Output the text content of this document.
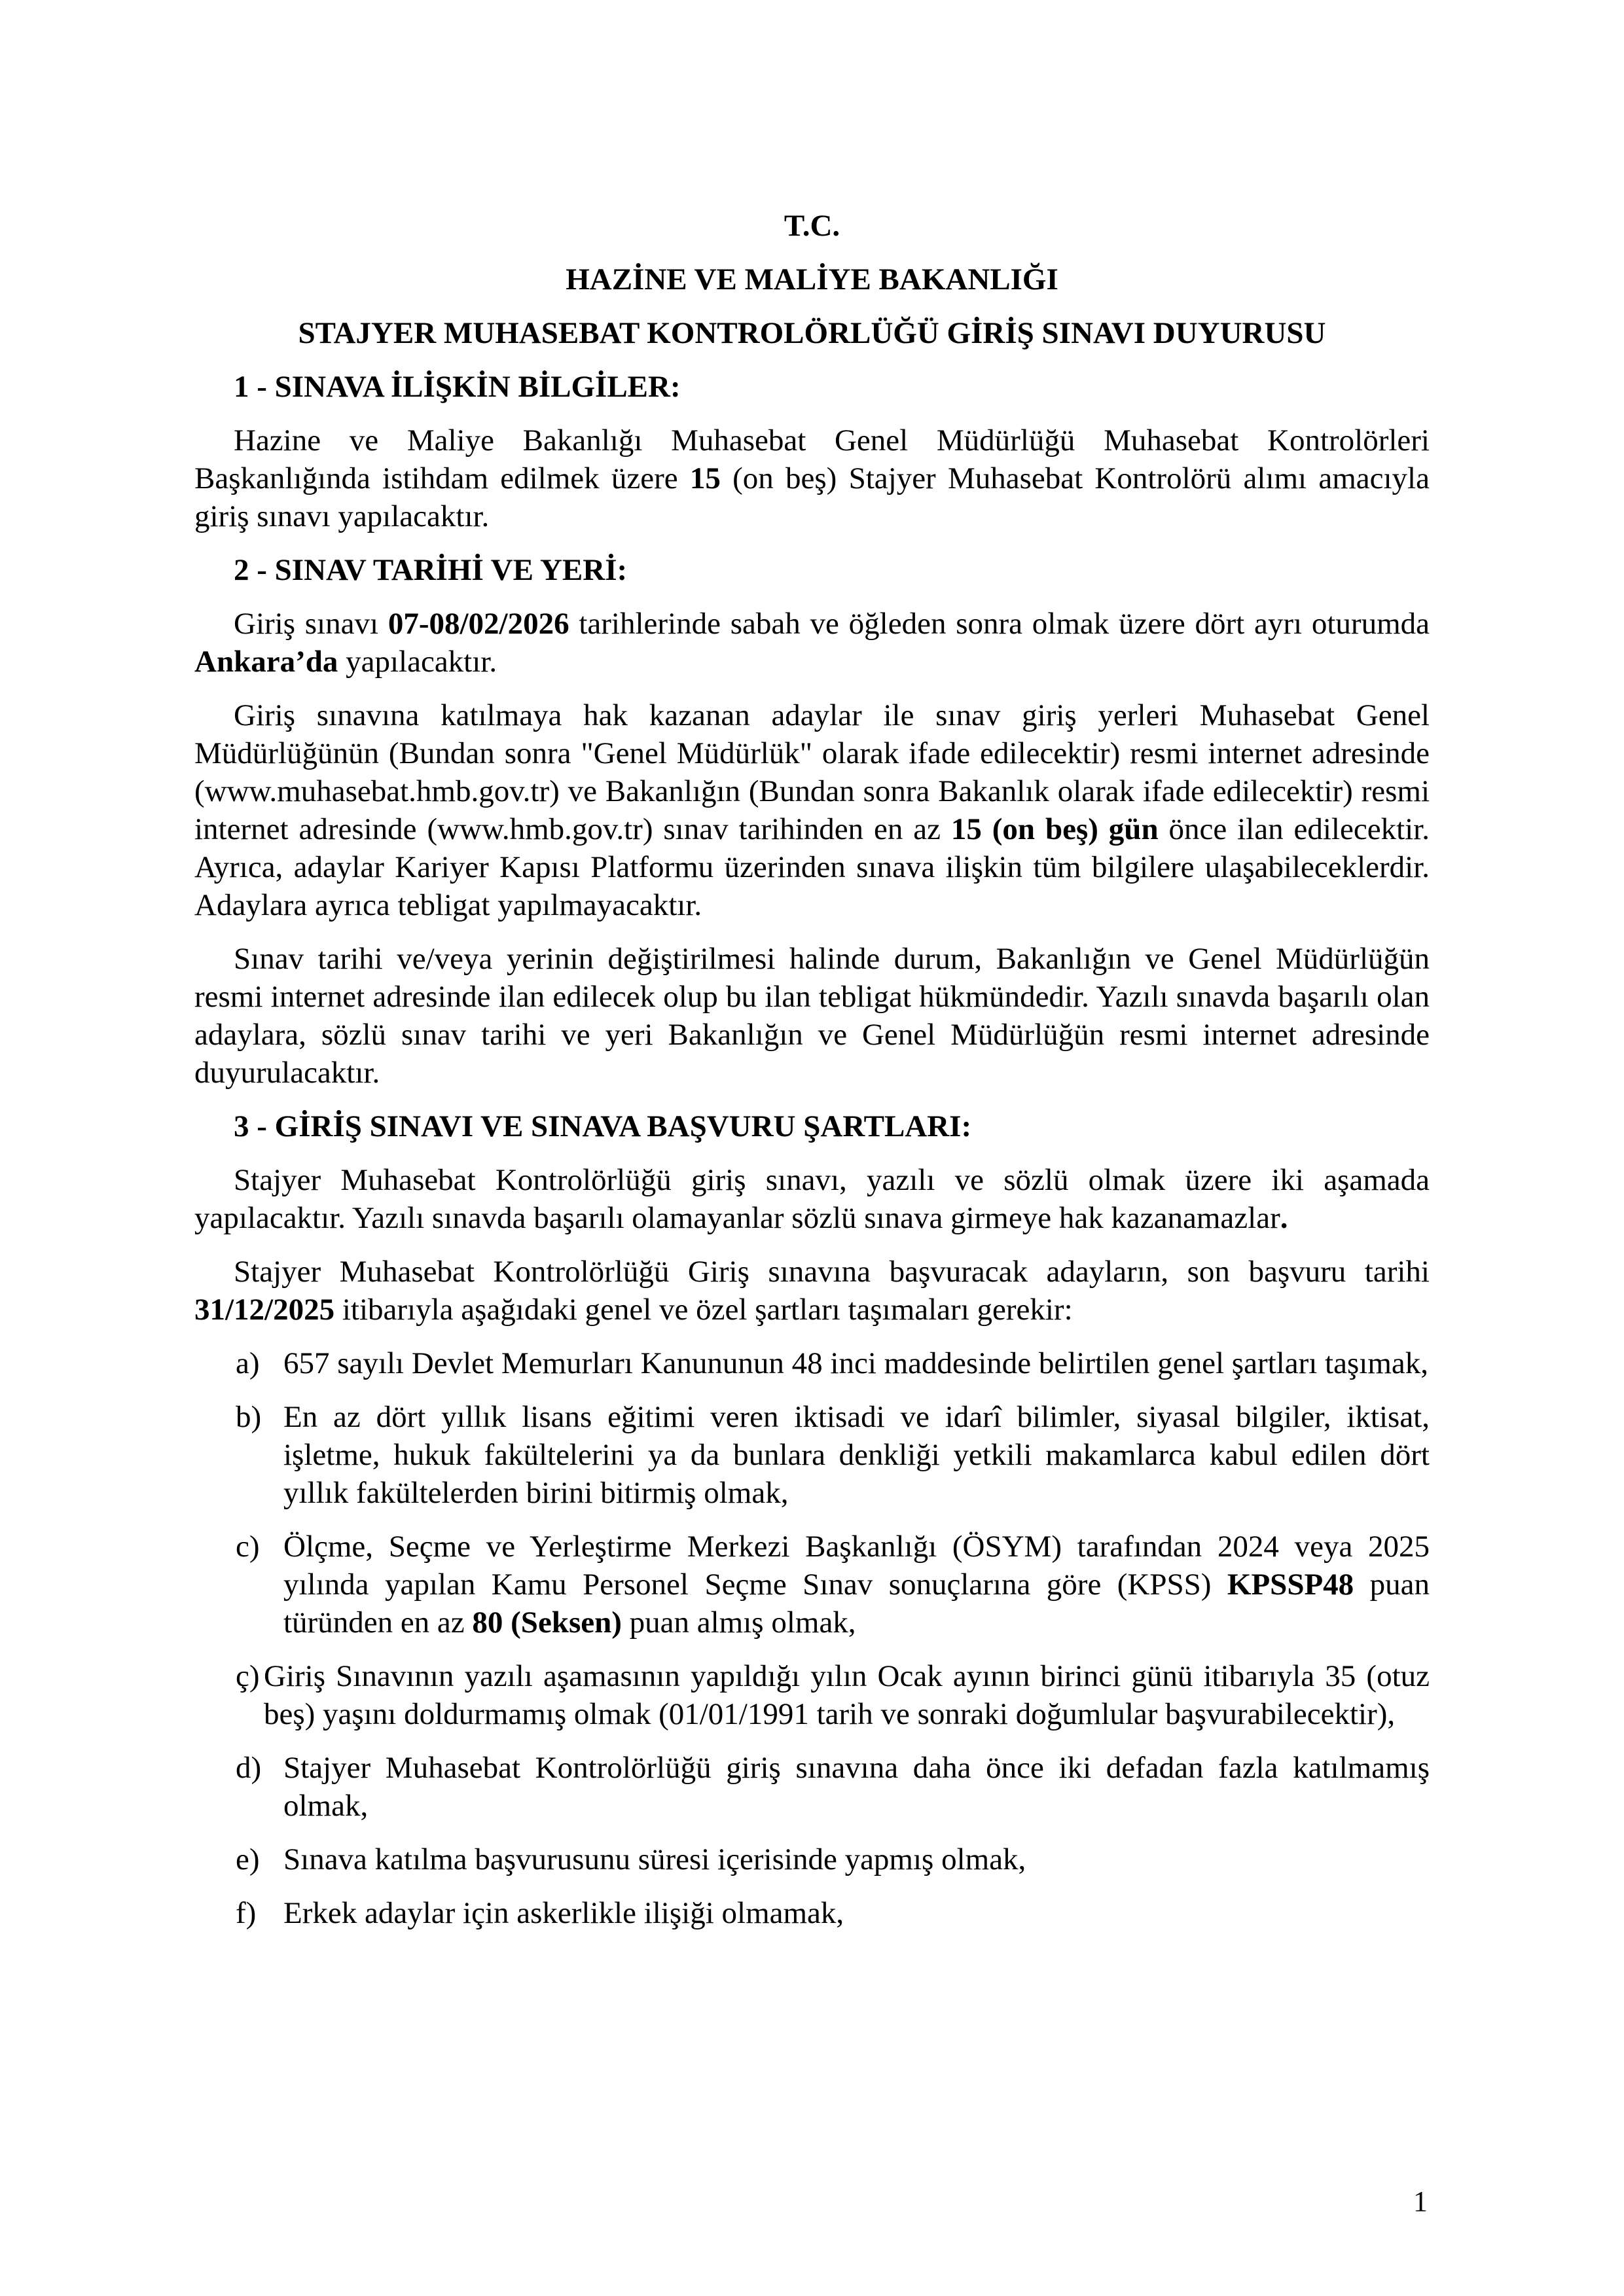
T.C.

HAZİNE VE MALİYE BAKANLIĞI

STAJYER MUHASEBAT KONTROLÖRLÜĞÜ GİRİŞ SINAVI DUYURUSU

1 - SINAVA İLİŞKİN BİLGİLER:

Hazine ve Maliye Bakanlığı Muhasebat Genel Müdürlüğü Muhasebat Kontrolörleri Başkanlığında istihdam edilmek üzere 15 (on beş) Stajyer Muhasebat Kontrolörü alımı amacıyla giriş sınavı yapılacaktır.

2 - SINAV TARİHİ VE YERİ:

Giriş sınavı 07-08/02/2026 tarihlerinde sabah ve öğleden sonra olmak üzere dört ayrı oturumda Ankara’da yapılacaktır.

Giriş sınavına katılmaya hak kazanan adaylar ile sınav giriş yerleri Muhasebat Genel Müdürlüğünün (Bundan sonra "Genel Müdürlük" olarak ifade edilecektir) resmi internet adresinde (www.muhasebat.hmb.gov.tr) ve Bakanlığın (Bundan sonra Bakanlık olarak ifade edilecektir) resmi internet adresinde (www.hmb.gov.tr) sınav tarihinden en az 15 (on beş) gün önce ilan edilecektir. Ayrıca, adaylar Kariyer Kapısı Platformu üzerinden sınava ilişkin tüm bilgilere ulaşabileceklerdir. Adaylara ayrıca tebligat yapılmayacaktır.

Sınav tarihi ve/veya yerinin değiştirilmesi halinde durum, Bakanlığın ve Genel Müdürlüğün resmi internet adresinde ilan edilecek olup bu ilan tebligat hükmündedir. Yazılı sınavda başarılı olan adaylara, sözlü sınav tarihi ve yeri Bakanlığın ve Genel Müdürlüğün resmi internet adresinde duyurulacaktır.

3 - GİRİŞ SINAVI VE SINAVA BAŞVURU ŞARTLARI:

Stajyer Muhasebat Kontrolörlüğü giriş sınavı, yazılı ve sözlü olmak üzere iki aşamada yapılacaktır. Yazılı sınavda başarılı olamayanlar sözlü sınava girmeye hak kazanamazlar.

Stajyer Muhasebat Kontrolörlüğü Giriş sınavına başvuracak adayların, son başvuru tarihi 31/12/2025 itibarıyla aşağıdaki genel ve özel şartları taşımaları gerekir:

a) 657 sayılı Devlet Memurları Kanununun 48 inci maddesinde belirtilen genel şartları taşımak,
b) En az dört yıllık lisans eğitimi veren iktisadi ve idarî bilimler, siyasal bilgiler, iktisat, işletme, hukuk fakültelerini ya da bunlara denkliği yetkili makamlarca kabul edilen dört yıllık fakültelerden birini bitirmiş olmak,
c) Ölçme, Seçme ve Yerleştirme Merkezi Başkanlığı (ÖSYM) tarafından 2024 veya 2025 yılında yapılan Kamu Personel Seçme Sınav sonuçlarına göre (KPSS) KPSSP48 puan türünden en az 80 (Seksen) puan almış olmak,
ç) Giriş Sınavının yazılı aşamasının yapıldığı yılın Ocak ayının birinci günü itibarıyla 35 (otuz beş) yaşını doldurmamış olmak (01/01/1991 tarih ve sonraki doğumlular başvurabilecektir),
d) Stajyer Muhasebat Kontrolörlüğü giriş sınavına daha önce iki defadan fazla katılmamış olmak,
e) Sınava katılma başvurusunu süresi içerisinde yapmış olmak,
f) Erkek adaylar için askerlikle ilişiği olmamak,
1
